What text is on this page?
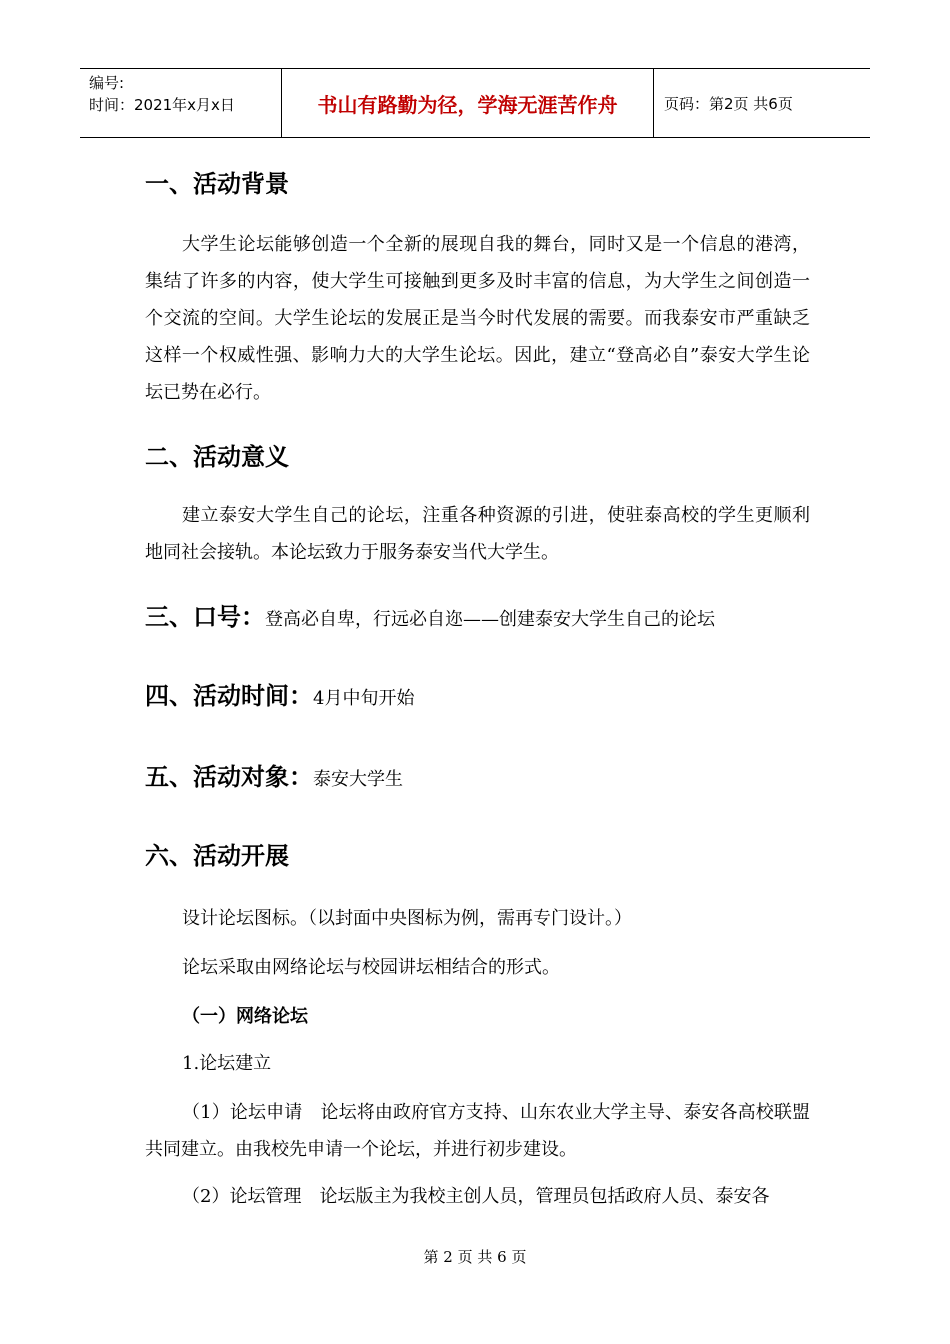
编号:
时间：2021年x月x日	书山有路勤为径，学海无涯苦作舟	页码：第2页 共6页
一、活动背景

大学生论坛能够创造一个全新的展现自我的舞台，同时又是一个信息的港湾，集结了许多的内容，使大学生可接触到更多及时丰富的信息，为大学生之间创造一个交流的空间。大学生论坛的发展正是当今时代发展的需要。而我泰安市严重缺乏这样一个权威性强、影响力大的大学生论坛。因此，建立“登高必自”泰安大学生论坛已势在必行。

二、活动意义

建立泰安大学生自己的论坛，注重各种资源的引进，使驻泰高校的学生更顺利地同社会接轨。本论坛致力于服务泰安当代大学生。

三、口号：登高必自卑，行远必自迩——创建泰安大学生自己的论坛
四、活动时间：4月中旬开始
五、活动对象：泰安大学生
六、活动开展

设计论坛图标。（以封面中央图标为例，需再专门设计。）

论坛采取由网络论坛与校园讲坛相结合的形式。

（一）网络论坛

1.论坛建立

（1）论坛申请　论坛将由政府官方支持、山东农业大学主导、泰安各高校联盟共同建立。由我校先申请一个论坛，并进行初步建设。

（2）论坛管理　论坛版主为我校主创人员，管理员包括政府人员、泰安各

第 2 页 共 6 页
